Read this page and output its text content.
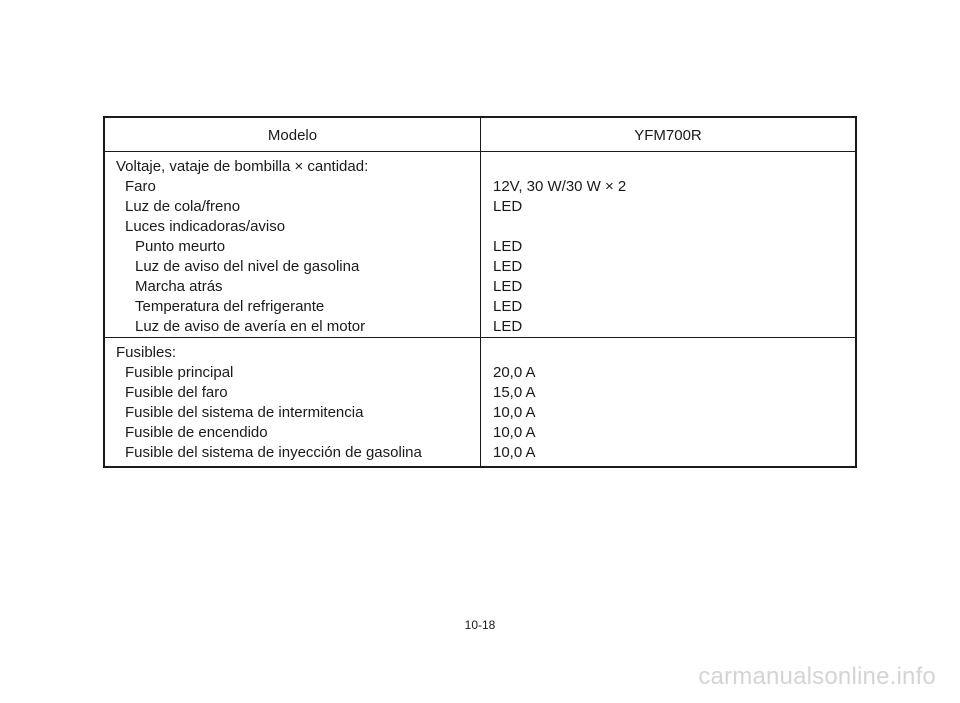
Modelo	YFM700R
Voltaje, vataje de bombilla × cantidad:
Faro
Luz de cola/freno
Luces indicadoras/aviso
Punto meurto
Luz de aviso del nivel de gasolina
Marcha atrás
Temperatura del refrigerante
Luz de aviso de avería en el motor
12V, 30 W/30 W × 2
LED
LED
LED
LED
LED
LED
Fusibles:
Fusible principal
Fusible del faro
Fusible del sistema de intermitencia
Fusible de encendido
Fusible del sistema de inyección de gasolina
20,0 A
15,0 A
10,0 A
10,0 A
10,0 A
10-18
carmanualsonline.info
